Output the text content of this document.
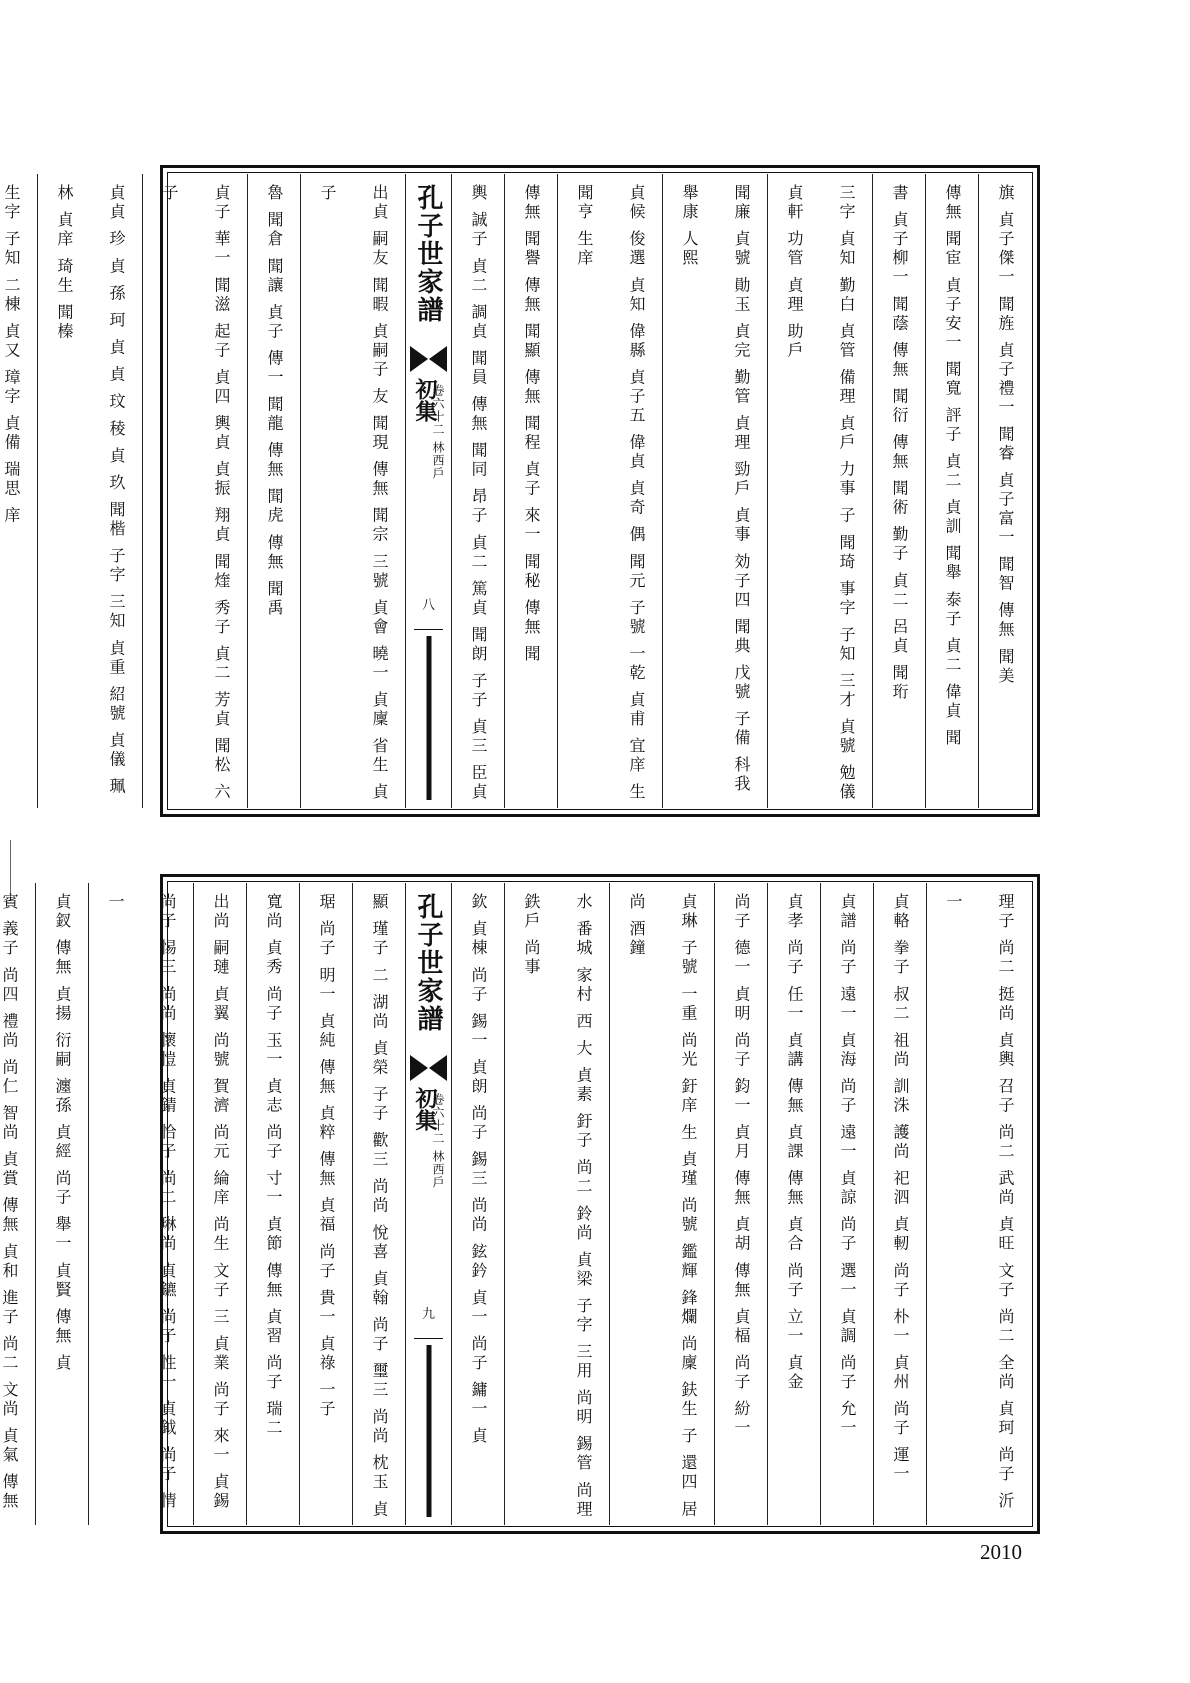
旗 貞子傑一 聞旌 貞子禮一 聞睿 貞子富一 聞智 傳無 聞美
傳無 聞宦 貞子安一 聞寬 評子 貞二 貞訓 聞舉 泰子 貞二 偉貞 聞
書 貞子柳一 聞蔭 傳無 聞衍 傳無 聞術 勤子 貞二 呂貞 聞珩
三字 貞知 勤白 貞管 備理 貞戶 力事 子 聞琦 事字 子知 三才 貞號 勉儀 貞軒 功管 貞理 助戶
聞廉 貞號 勛玉 貞完 勤管 貞理 勁戶 貞事 効子四 聞典 戊號 子備 科我 舉康 人熙
貞候 俊選 貞知 偉縣 貞子五 偉貞 貞奇 偶 聞元 子號 一乾 貞甫 宜庠 生 聞亨 生庠
傳無 聞譽 傳無 聞顯 傳無 聞程 貞子 來一 聞秘 傳無 聞
輿 誠子 貞二 調貞 聞員 傳無 聞同 昂子 貞二 篤貞 聞朗 子子 貞三 臣貞
孔子世家譜
初集
卷六十二 林西戶
八
出貞 嗣友 聞暇 貞嗣子 友 聞現 傳無 聞宗 三號 貞會 曉一 貞廩 省生 貞子
魯 聞倉 聞讓 貞子 傳一 聞龍 傳無 聞虎 傳無 聞禹
貞子 華一 聞滋 起子 貞四 輿貞 貞振 翔貞 聞煃 秀子 貞二 芳貞 聞松 六子
貞貞 珍 貞 孫 珂 貞 貞 玟 稜 貞 玖 聞楷 子字 三知 貞重 紹號 貞儀 珮林 貞庠 琦生 聞榛
生字 子知 二棟 貞又 璋字 貞備 瑞思 庠
理子 尚二 挺尚 貞輿 召子 尚二 武尚 貞旺 文子 尚二 全尚 貞珂 尚子 沂一
貞輅 拳子 叔二 祖尚 訓洙 護尚 祀泗 貞軔 尚子 朴一 貞州 尚子 運一
貞譜 尚子 遠一 貞海 尚子 遠一 貞諒 尚子 選一 貞調 尚子 允一
貞孝 尚子 任一 貞講 傳無 貞課 傳無 貞合 尚子 立一 貞金
尚子 德一 貞明 尚子 鈞一 貞月 傳無 貞胡 傳無 貞楅 尚子 紛一
貞琳 子號 一重 尚光 釪庠 生 貞瑾 尚號 鑑輝 鋒爛 尚廩 鈇生 子 還四 居尚 酒鐘
水 番城 家村 西 大 貞素 釪子 尚二 鈴尚 貞梁 子字 三用 尚明 錫管 尚理 鉄戶 尚事
欽 貞棟 尚子 錫一 貞朗 尚子 錫三 尚尚 鉉鈐 貞一 尚子 鏞一 貞
孔子世家譜
初集
卷六十二 林西戶
九
顯 瑾子 二 湖尚 貞榮 子子 歡三 尚尚 悅喜 貞翰 尚子 璽三 尚尚 枕玉 貞
琚 尚子 明一 貞純 傳無 貞粹 傳無 貞福 尚子 貴一 貞祿 一子
寬尚 貞秀 尚子 玉一 貞志 尚子 寸一 貞節 傳無 貞習 尚子 瑞二
出尚 嗣璉 貞翼 尚號 賀濟 尚元 綸庠 尚生 文子 三 貞業 尚子 來一 貞錫
尚子 惕三 尚尚 懷愷 貞錆 恰子 尚二 琳尚 貞鑣 尚子 性一 貞鉞 尚子 情一
貞釵 傳無 貞揚 衍嗣 瀍孫 貞經 尚子 舉一 貞賢 傳無 貞
賓 義子 尚四 禮尚 尚仁 智尚 貞賞 傳無 貞和 進子 尚二 文尚 貞氣 傳無
2010
